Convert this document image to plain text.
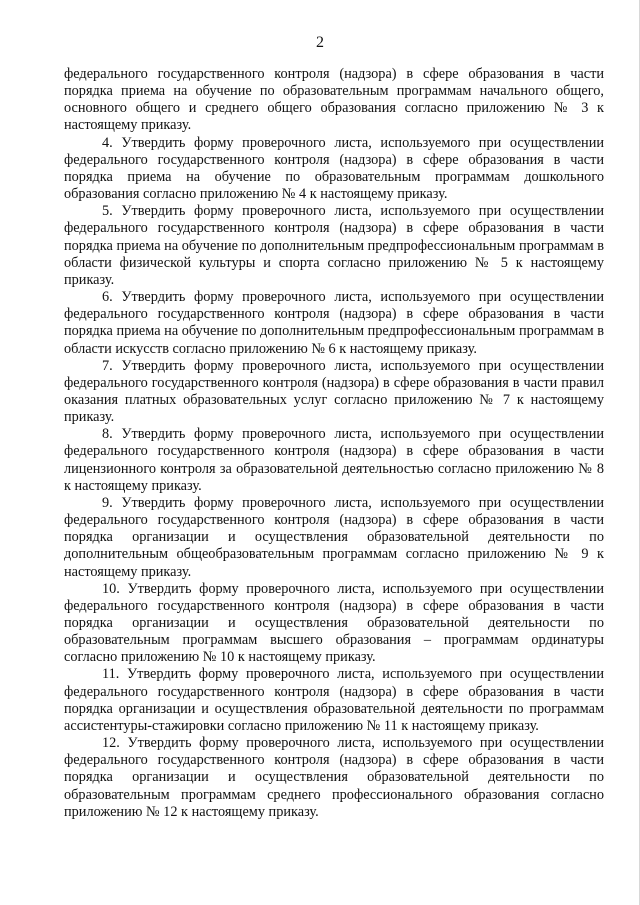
2

федерального государственного контроля (надзора) в сфере образования в части порядка приема на обучение по образовательным программам начального общего, основного общего и среднего общего образования согласно приложению № 3 к настоящему приказу.

4. Утвердить форму проверочного листа, используемого при осуществлении федерального государственного контроля (надзора) в сфере образования в части порядка приема на обучение по образовательным программам дошкольного образования согласно приложению № 4 к настоящему приказу.

5. Утвердить форму проверочного листа, используемого при осуществлении федерального государственного контроля (надзора) в сфере образования в части порядка приема на обучение по дополнительным предпрофессиональным программам в области физической культуры и спорта согласно приложению № 5 к настоящему приказу.

6. Утвердить форму проверочного листа, используемого при осуществлении федерального государственного контроля (надзора) в сфере образования в части порядка приема на обучение по дополнительным предпрофессиональным программам в области искусств согласно приложению № 6 к настоящему приказу.

7. Утвердить форму проверочного листа, используемого при осуществлении федерального государственного контроля (надзора) в сфере образования в части правил оказания платных образовательных услуг согласно приложению № 7 к настоящему приказу.

8. Утвердить форму проверочного листа, используемого при осуществлении федерального государственного контроля (надзора) в сфере образования в части лицензионного контроля за образовательной деятельностью согласно приложению № 8 к настоящему приказу.

9. Утвердить форму проверочного листа, используемого при осуществлении федерального государственного контроля (надзора) в сфере образования в части порядка организации и осуществления образовательной деятельности по дополнительным общеобразовательным программам согласно приложению № 9 к настоящему приказу.

10. Утвердить форму проверочного листа, используемого при осуществлении федерального государственного контроля (надзора) в сфере образования в части порядка организации и осуществления образовательной деятельности по образовательным программам высшего образования – программам ординатуры согласно приложению № 10 к настоящему приказу.

11. Утвердить форму проверочного листа, используемого при осуществлении федерального государственного контроля (надзора) в сфере образования в части порядка организации и осуществления образовательной деятельности по программам ассистентуры-стажировки согласно приложению № 11 к настоящему приказу.

12. Утвердить форму проверочного листа, используемого при осуществлении федерального государственного контроля (надзора) в сфере образования в части порядка организации и осуществления образовательной деятельности по образовательным программам среднего профессионального образования согласно приложению № 12 к настоящему приказу.
